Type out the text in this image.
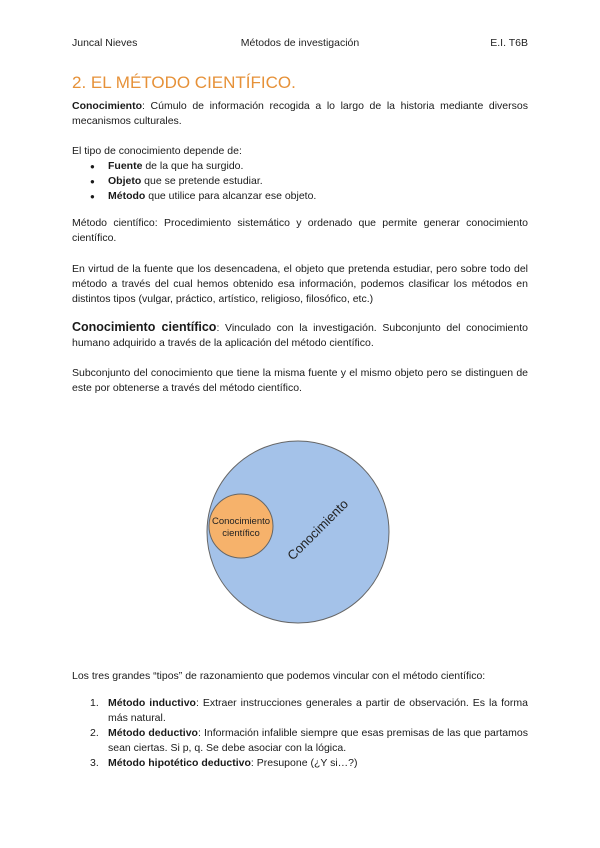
Juncal Nieves	Métodos de investigación	E.I. T6B
2. EL MÉTODO CIENTÍFICO.

Conocimiento: Cúmulo de información recogida a lo largo de la historia mediante diversos mecanismos culturales.

El tipo de conocimiento depende de:

● Fuente de la que ha surgido.
● Objeto que se pretende estudiar.
● Método que utilice para alcanzar ese objeto.

Método científico: Procedimiento sistemático y ordenado que permite generar conocimiento científico.

En virtud de la fuente que los desencadena, el objeto que pretenda estudiar, pero sobre todo del método a través del cual hemos obtenido esa información, podemos clasificar los métodos en distintos tipos (vulgar, práctico, artístico, religioso, filosófico, etc.)

Conocimiento científico: Vinculado con la investigación. Subconjunto del conocimiento humano adquirido a través de la aplicación del método científico.

Subconjunto del conocimiento que tiene la misma fuente y el mismo objeto pero se distinguen de este por obtenerse a través del método científico.

Conocimiento
Conocimiento
científico

Los tres grandes “tipos” de razonamiento que podemos vincular con el método científico:

1. Método inductivo: Extraer instrucciones generales a partir de observación. Es la forma más natural.
2. Método deductivo: Información infalible siempre que esas premisas de las que partamos sean ciertas. Si p, q. Se debe asociar con la lógica.
3. Método hipotético deductivo: Presupone (¿Y si…?)
